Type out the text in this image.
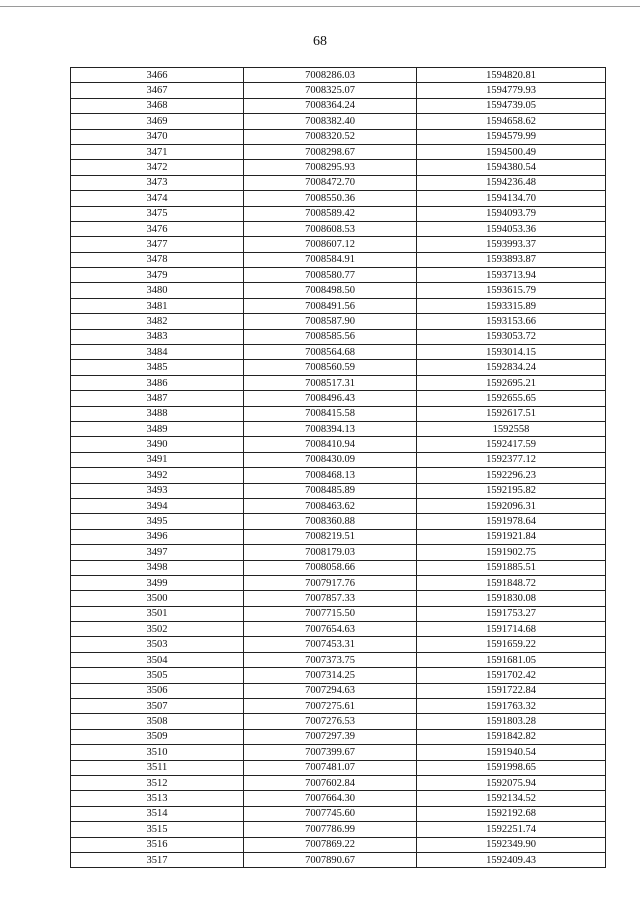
68
3466	7008286.03	1594820.81
3467	7008325.07	1594779.93
3468	7008364.24	1594739.05
3469	7008382.40	1594658.62
3470	7008320.52	1594579.99
3471	7008298.67	1594500.49
3472	7008295.93	1594380.54
3473	7008472.70	1594236.48
3474	7008550.36	1594134.70
3475	7008589.42	1594093.79
3476	7008608.53	1594053.36
3477	7008607.12	1593993.37
3478	7008584.91	1593893.87
3479	7008580.77	1593713.94
3480	7008498.50	1593615.79
3481	7008491.56	1593315.89
3482	7008587.90	1593153.66
3483	7008585.56	1593053.72
3484	7008564.68	1593014.15
3485	7008560.59	1592834.24
3486	7008517.31	1592695.21
3487	7008496.43	1592655.65
3488	7008415.58	1592617.51
3489	7008394.13	1592558
3490	7008410.94	1592417.59
3491	7008430.09	1592377.12
3492	7008468.13	1592296.23
3493	7008485.89	1592195.82
3494	7008463.62	1592096.31
3495	7008360.88	1591978.64
3496	7008219.51	1591921.84
3497	7008179.03	1591902.75
3498	7008058.66	1591885.51
3499	7007917.76	1591848.72
3500	7007857.33	1591830.08
3501	7007715.50	1591753.27
3502	7007654.63	1591714.68
3503	7007453.31	1591659.22
3504	7007373.75	1591681.05
3505	7007314.25	1591702.42
3506	7007294.63	1591722.84
3507	7007275.61	1591763.32
3508	7007276.53	1591803.28
3509	7007297.39	1591842.82
3510	7007399.67	1591940.54
3511	7007481.07	1591998.65
3512	7007602.84	1592075.94
3513	7007664.30	1592134.52
3514	7007745.60	1592192.68
3515	7007786.99	1592251.74
3516	7007869.22	1592349.90
3517	7007890.67	1592409.43
